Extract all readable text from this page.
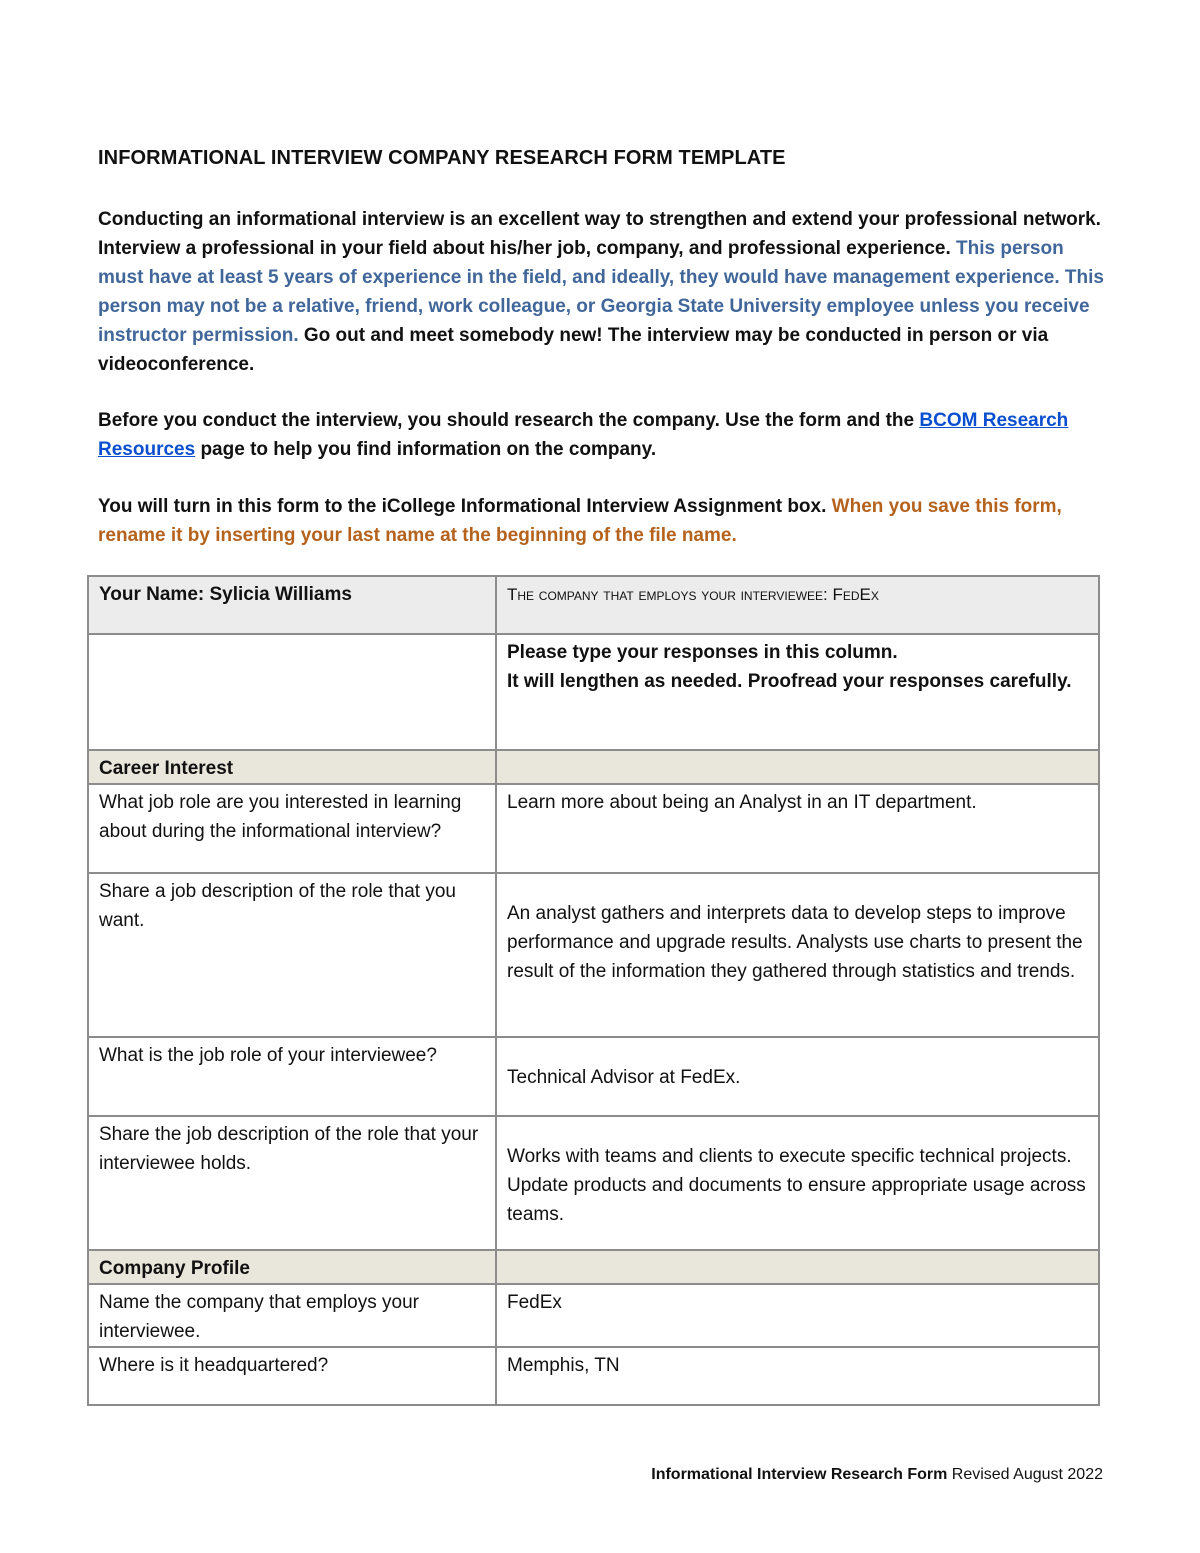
INFORMATIONAL INTERVIEW COMPANY RESEARCH FORM TEMPLATE
Conducting an informational interview is an excellent way to strengthen and extend your professional network. Interview a professional in your field about his/her job, company, and professional experience. This person must have at least 5 years of experience in the field, and ideally, they would have management experience. This person may not be a relative, friend, work colleague, or Georgia State University employee unless you receive instructor permission. Go out and meet somebody new! The interview may be conducted in person or via videoconference.
Before you conduct the interview, you should research the company. Use the form and the BCOM Research Resources page to help you find information on the company.
You will turn in this form to the iCollege Informational Interview Assignment box. When you save this form, rename it by inserting your last name at the beginning of the file name.
Your Name: Sylicia Williams	The company that employs your interviewee: FedEx

	Please type your responses in this column.
It will lengthen as needed. Proofread your responses carefully.

Career Interest	
What job role are you interested in learning about during the informational interview?	Learn more about being an Analyst in an IT department.
Share a job description of the role that you want.	An analyst gathers and interprets data to develop steps to improve performance and upgrade results. Analysts use charts to present the result of the information they gathered through statistics and trends.

What is the job role of your interviewee?	Technical Advisor at FedEx.

Share the job description of the role that your interviewee holds.	Works with teams and clients to execute specific technical projects. Update products and documents to ensure appropriate usage across teams.

Company Profile	
Name the company that employs your interviewee.	FedEx
Where is it headquartered?	Memphis, TN
Informational Interview Research Form Revised August 2022
